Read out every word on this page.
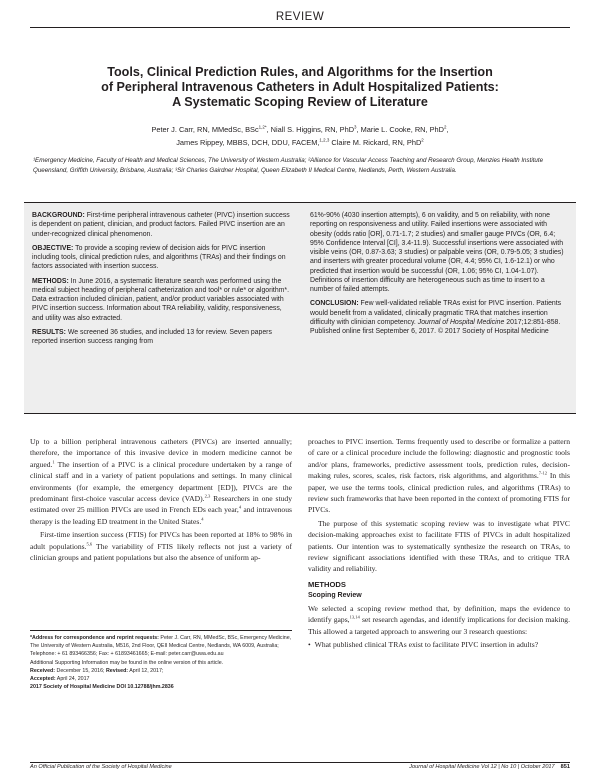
REVIEW
Tools, Clinical Prediction Rules, and Algorithms for the Insertion
of Peripheral Intravenous Catheters in Adult Hospitalized Patients:
A Systematic Scoping Review of Literature
Peter J. Carr, RN, MMedSc, BSc$^{1,2*}$, Niall S. Higgins, RN, PhD$^3$, Marie L. Cooke, RN, PhD$^2$,
James Rippey, MBBS, DCH, DDU, FACEM,$^{1,2,3}$ Claire M. Rickard, RN, PhD$^2$
¹Emergency Medicine, Faculty of Health and Medical Sciences, The University of Western Australia; ²Alliance for Vascular Access Teaching and Research Group, Menzies Health Institute Queensland, Griffith University, Brisbane, Australia; ³Sir Charles Gairdner Hospital, Queen Elizabeth II Medical Centre, Nedlands, Perth, Western Australia.

BACKGROUND: First-time peripheral intravenous catheter (PIVC) insertion success is dependent on patient, clinician, and product factors. Failed PIVC insertion are an under-recognized clinical phenomenon.

OBJECTIVE: To provide a scoping review of decision aids for PIVC insertion including tools, clinical prediction rules, and algorithms (TRAs) and their findings on factors associated with insertion success.

METHODS: In June 2016, a systematic literature search was performed using the medical subject heading of peripheral catheterization and tool* or rule* or algorithm*. Data extraction included clinician, patient, and/or product variables associated with PIVC insertion success. Information about TRA reliability, validity, responsiveness, and utility was also extracted.

RESULTS: We screened 36 studies, and included 13 for review. Seven papers reported insertion success ranging from

61%-90% (4030 insertion attempts), 6 on validity, and 5 on reliability, with none reporting on responsiveness and utility. Failed insertions were associated with obesity (odds ratio [OR], 0.71-1.7; 2 studies) and smaller gauge PIVCs (OR, 6.4; 95% Confidence Interval [CI], 3.4-11.9). Successful insertions were associated with visible veins (OR, 0.87-3.63; 3 studies) or palpable veins (OR, 0.79-5.05; 3 studies) and inserters with greater procedural volume (OR, 4.4; 95% CI, 1.6-12.1) or who predicted that insertion would be successful (OR, 1.06; 95% CI, 1.04-1.07). Definitions of insertion difficulty are heterogeneous such as time to insert to a number of failed attempts.

CONCLUSION: Few well-validated reliable TRAs exist for PIVC insertion. Patients would benefit from a validated, clinically pragmatic TRA that matches insertion difficulty with clinician competency. Journal of Hospital Medicine 2017;12:851-858. Published online first September 6, 2017. © 2017 Society of Hospital Medicine

Up to a billion peripheral intravenous catheters (PIVCs) are inserted annually; therefore, the importance of this invasive device in modern medicine cannot be argued.$^1$ The insertion of a PIVC is a clinical procedure undertaken by a range of clinical staff and in a variety of patient populations and settings. In many clinical environments (for example, the emergency department [ED]), PIVCs are the predominant first-choice vascular access device (VAD).$^{2,3}$ Researchers in one study estimated over 25 million PIVCs are used in French EDs each year,$^4$ and intravenous therapy is the leading ED treatment in the United States.$^4$

First-time insertion success (FTIS) for PIVCs has been reported at 18% to 98% in adult populations.$^{5,6}$ The variability of FTIS likely reflects not just a variety of clinician groups and patient populations but also the absence of uniform ap-

proaches to PIVC insertion. Terms frequently used to describe or formalize a pattern of care or a clinical procedure include the following: diagnostic and prognostic tools and/or plans, frameworks, predictive assessment tools, prediction rules, decision-making rules, scores, scales, risk factors, risk algorithms, and algorithms.$^{7-12}$ In this paper, we use the terms tools, clinical prediction rules, and algorithms (TRAs) to review such frameworks that have been reported in the context of promoting FTIS for PIVCs.

The purpose of this systematic scoping review was to investigate what PIVC decision-making approaches exist to facilitate FTIS of PIVCs in adult hospitalized patients. Our intention was to systematically synthesize the research on TRAs, to review significant associations identified with these TRAs, and to critique TRA validity and reliability.

METHODS
Scoping Review

We selected a scoping review method that, by definition, maps the evidence to identify gaps,$^{13,14}$ set research agendas, and identify implications for decision making. This allowed a targeted approach to answering our 3 research questions:

• What published clinical TRAs exist to facilitate PIVC insertion in adults?
*Address for correspondence and reprint requests: Peter J. Carr, RN, MMedSc, BSc, Emergency Medicine, The University of Western Australia, M516, 2nd Floor, QEII Medical Centre, Nedlands, WA 6009, Australia; Telephone: + 61 893466356; Fax: + 61893461665; E-mail: peter.carr@uwa.edu.au
Additional Supporting Information may be found in the online version of this article.
Received: December 15, 2016; Revised: April 12, 2017;
Accepted: April 24, 2017
2017 Society of Hospital Medicine DOI 10.12788/jhm.2836
An Official Publication of the Society of Hospital Medicine	Journal of Hospital Medicine Vol 12 | No 10 | October 2017 851
